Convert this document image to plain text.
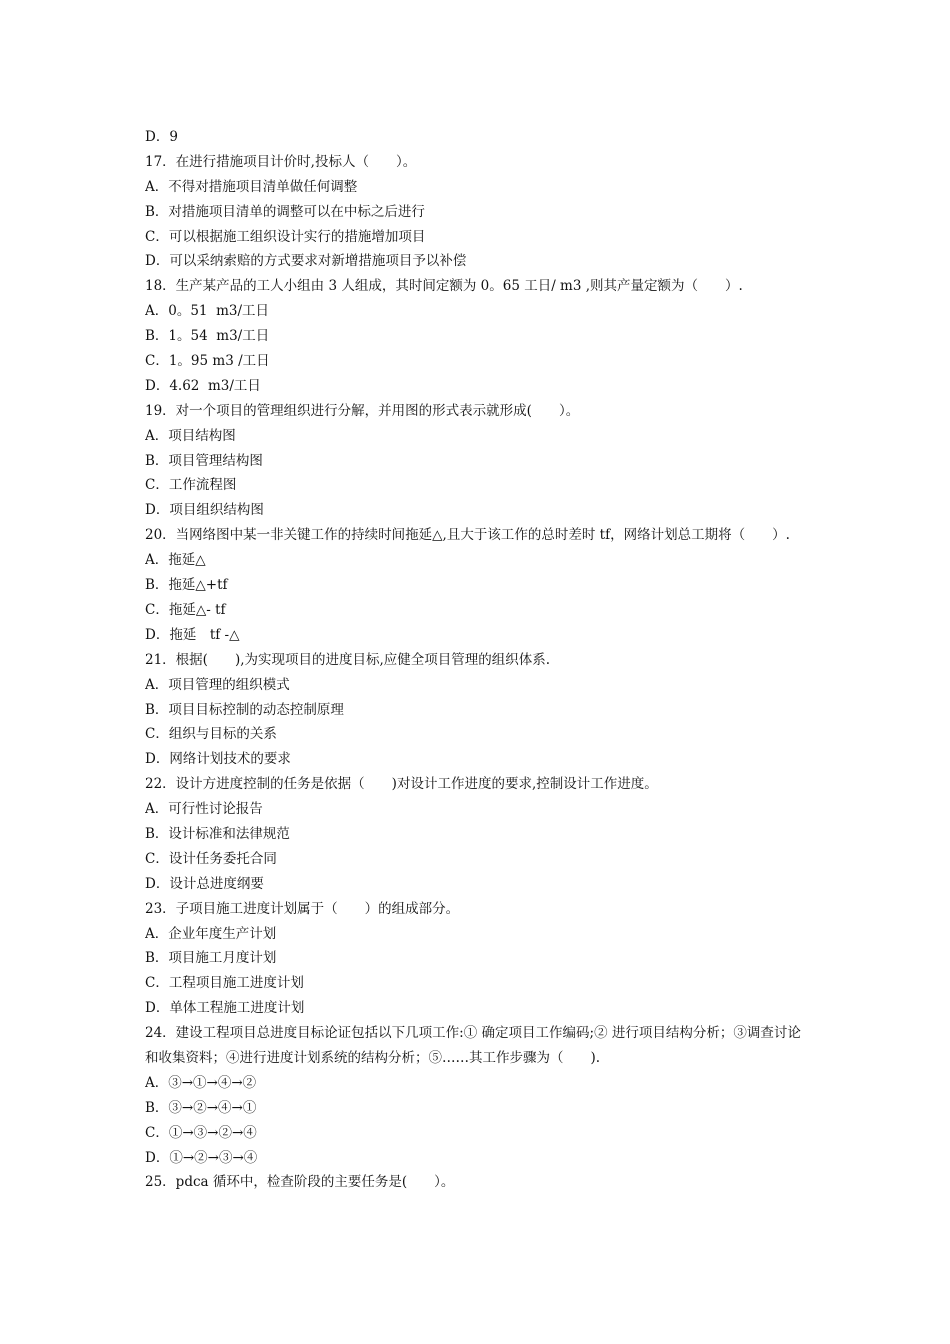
D．9
17．在进行措施项目计价时,投标人（　　）。
A．不得对措施项目清单做任何调整
B．对措施项目清单的调整可以在中标之后进行
C．可以根据施工组织设计实行的措施增加项目
D．可以采纳索赔的方式要求对新增措施项目予以补偿
18．生产某产品的工人小组由 3 人组成，其时间定额为 0。65 工日/ m3 ,则其产量定额为（　　）.
A．0。51  m3/工日
B．1。54  m3/工日
C．1。95 m3 /工日
D．4.62  m3/工日
19．对一个项目的管理组织进行分解，并用图的形式表示就形成(　　）。
A．项目结构图
B．项目管理结构图
C．工作流程图
D．项目组织结构图
20．当网络图中某一非关键工作的持续时间拖延△,且大于该工作的总时差时 tf，网络计划总工期将（　　）.
A．拖延△
B．拖延△+tf
C．拖延△- tf
D．拖延　tf -△
21．根据(　　),为实现项目的进度目标,应健全项目管理的组织体系.
A．项目管理的组织模式
B．项目目标控制的动态控制原理
C．组织与目标的关系
D．网络计划技术的要求
22．设计方进度控制的任务是依据（　　)对设计工作进度的要求,控制设计工作进度。
A．可行性讨论报告
B．设计标准和法律规范
C．设计任务委托合同
D．设计总进度纲要
23．子项目施工进度计划属于（　　）的组成部分。
A．企业年度生产计划
B．项目施工月度计划
C．工程项目施工进度计划
D．单体工程施工进度计划
24．建设工程项目总进度目标论证包括以下几项工作:① 确定项目工作编码;② 进行项目结构分析；③调查讨论和收集资料；④进行进度计划系统的结构分析；⑤……其工作步骤为（　　).
A．③→①→④→②
B．③→②→④→①
C．①→③→②→④
D．①→②→③→④
25．pdca 循环中，检查阶段的主要任务是(　　）。
